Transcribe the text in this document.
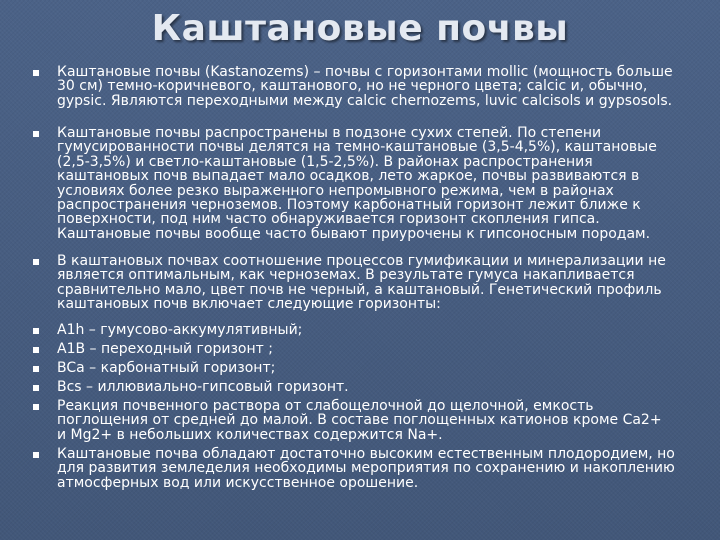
Каштановые почвы
Каштановые почвы (Kastanozems) – почвы с горизонтами mollic (мощность больше 30 см) темно-коричневого, каштанового, но не черного цвета; calcic и, обычно, gypsic. Являются переходными между calcic chernozems, luvic calcisols и gypsosols.
Каштановые почвы распространены в подзоне сухих степей. По степени гумусированности почвы делятся на темно-каштановые (3,5-4,5%), каштановые (2,5-3,5%) и светло-каштановые (1,5-2,5%). В районах распространения каштановых почв выпадает мало осадков, лето жаркое, почвы развиваются в условиях более резко выраженного непромывного режима, чем в районах распространения черноземов. Поэтому карбонатный горизонт лежит ближе к поверхности, под ним часто обнаруживается горизонт скопления гипса. Каштановые почвы вообще часто бывают приурочены к гипсоносным породам.
В каштановых почвах соотношение процессов гумификации и минерализации не является оптимальным, как черноземах. В результате гумуса накапливается сравнительно мало, цвет почв не черный, а каштановый. Генетический профиль каштановых почв включает следующие горизонты:
A1h – гумусово-аккумулятивный;
A1B – переходный горизонт ;
BCa – карбонатный горизонт;
Bcs – иллювиально-гипсовый горизонт.
Реакция почвенного раствора от слабощелочной до щелочной, емкость поглощения от средней до малой. В составе поглощенных катионов кроме Ca2+ и Mg2+ в небольших количествах содержится Na+.
Каштановые почва обладают достаточно высоким естественным плодородием, но для развития земледелия необходимы мероприятия по сохранению и накоплению атмосферных вод или искусственное орошение.
